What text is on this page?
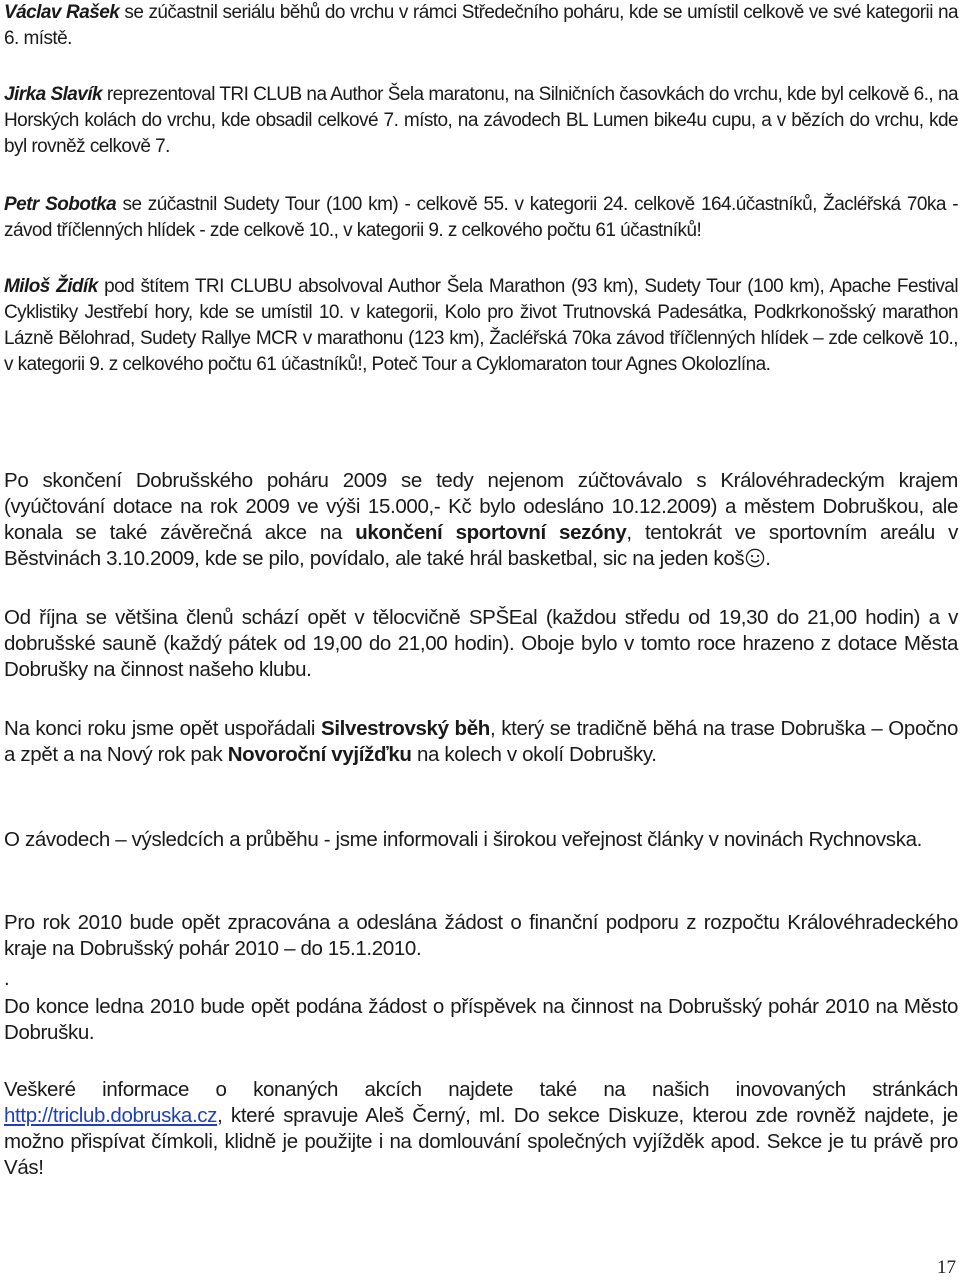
Václav Rašek se zúčastnil seriálu běhů do vrchu v rámci Středečního poháru, kde se umístil celkově ve své kategorii na 6. místě.

Jirka Slavík reprezentoval TRI CLUB na Author Šela maratonu, na Silničních časovkách do vrchu, kde byl celkově 6., na Horských kolách do vrchu, kde obsadil celkové 7. místo, na závodech BL Lumen bike4u cupu, a v bězích do vrchu, kde byl rovněž celkově 7.

Petr Sobotka se zúčastnil Sudety Tour (100 km) - celkově 55. v kategorii 24. celkově 164.účastníků, Žacléřská 70ka - závod tříčlenných hlídek - zde celkově 10., v kategorii 9. z celkového počtu 61 účastníků!

Miloš Židík pod štítem TRI CLUBU absolvoval Author Šela Marathon (93 km), Sudety Tour (100 km), Apache Festival Cyklistiky Jestřebí hory, kde se umístil 10. v kategorii, Kolo pro život Trutnovská Padesátka, Podkrkonošský marathon Lázně Bělohrad, Sudety Rallye MCR v marathonu (123 km), Žacléřská 70ka závod tříčlenných hlídek – zde celkově 10., v kategorii 9. z celkového počtu 61 účastníků!, Poteč Tour a Cyklomaraton tour Agnes Okolozlína.

Po skončení Dobrušského poháru 2009 se tedy nejenom zúčtovávalo s Královéhradeckým krajem (vyúčtování dotace na rok 2009 ve výši 15.000,- Kč bylo odesláno 10.12.2009) a městem Dobruškou, ale konala se také závěrečná akce na ukončení sportovní sezóny, tentokrát ve sportovním areálu v Běstvinách 3.10.2009, kde se pilo, povídalo, ale také hrál basketbal, sic na jeden koš .

Od října se většina členů schází opět v tělocvičně SPŠEal (každou středu od 19,30 do 21,00 hodin) a v dobrušské sauně (každý pátek od 19,00 do 21,00 hodin). Oboje bylo v tomto roce hrazeno z dotace Města Dobrušky na činnost našeho klubu.

Na konci roku jsme opět uspořádali Silvestrovský běh, který se tradičně běhá na trase Dobruška – Opočno a zpět a na Nový rok pak Novoroční vyjížďku na kolech v okolí Dobrušky.

O závodech – výsledcích a průběhu - jsme informovali i širokou veřejnost články v novinách Rychnovska.

Pro rok 2010 bude opět zpracována a odeslána žádost o finanční podporu z rozpočtu Královéhradeckého kraje na Dobrušský pohár 2010 – do 15.1.2010.

.

Do konce ledna 2010 bude opět podána žádost o příspěvek na činnost na Dobrušský pohár 2010 na Město Dobrušku.

Veškeré informace o konaných akcích najdete také na našich inovovaných stránkách http://triclub.dobruska.cz, které spravuje Aleš Černý, ml. Do sekce Diskuze, kterou zde rovněž najdete, je možno přispívat čímkoli, klidně je použijte i na domlouvání společných vyjížděk apod. Sekce je tu právě pro Vás!

17
